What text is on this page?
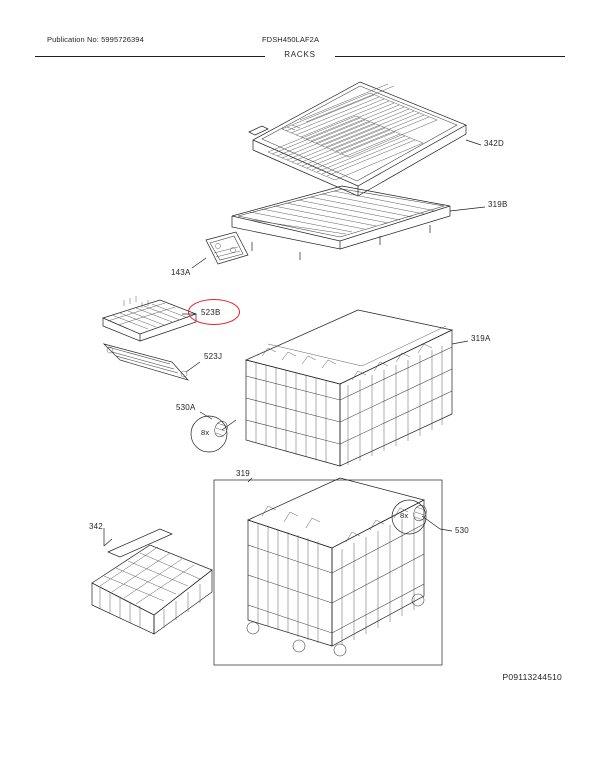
Publication No: 5995726394	FDSH450LAF2A
RACKS
342D
319B
143A
523B
523J
530A
8x
319A
319
342
8x
530
P09113244510
